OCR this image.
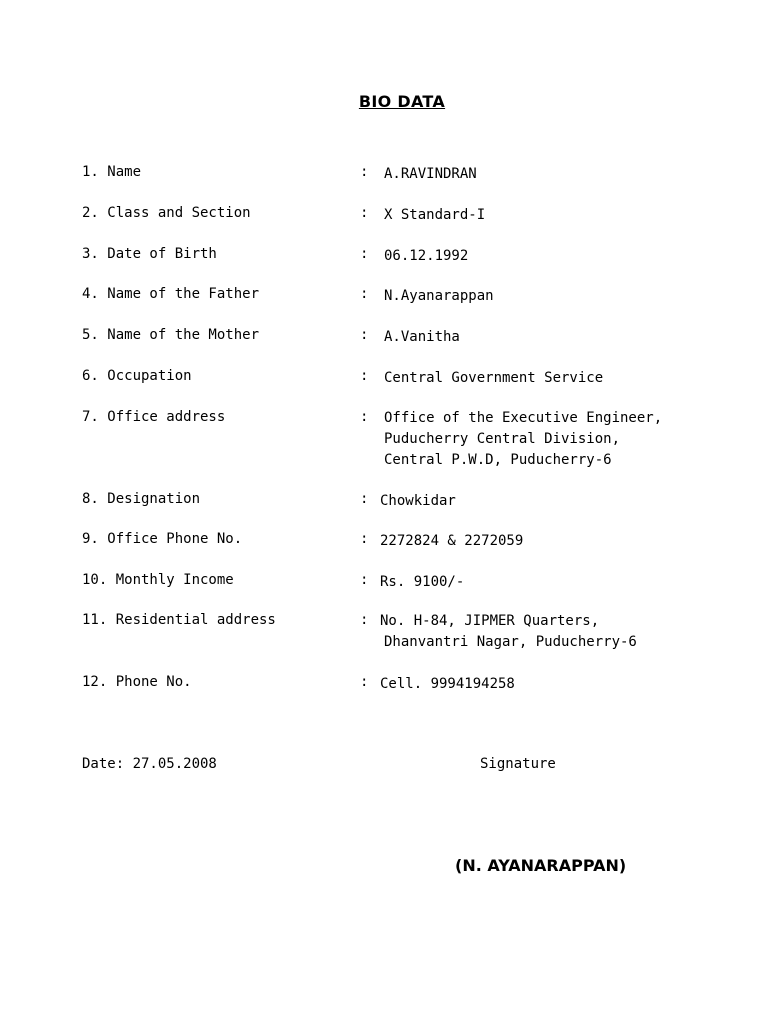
BIO DATA
1. Name	: A.RAVINDRAN
2. Class and Section	: X Standard-I
3. Date of Birth	: 06.12.1992
4. Name of the Father	: N.Ayanarappan
5. Name of the Mother	: A.Vanitha
6. Occupation	: Central Government Service
7. Office address	: Office of the Executive Engineer,
Puducherry Central Division,
Central P.W.D, Puducherry-6
8. Designation	: Chowkidar
9. Office Phone No.	: 2272824 & 2272059
10. Monthly Income	: Rs. 9100/-
11. Residential address	: No. H-84, JIPMER Quarters,
Dhanvantri Nagar, Puducherry-6
12. Phone No.	: Cell. 9994194258
Date: 27.05.2008	Signature
(N. AYANARAPPAN)
